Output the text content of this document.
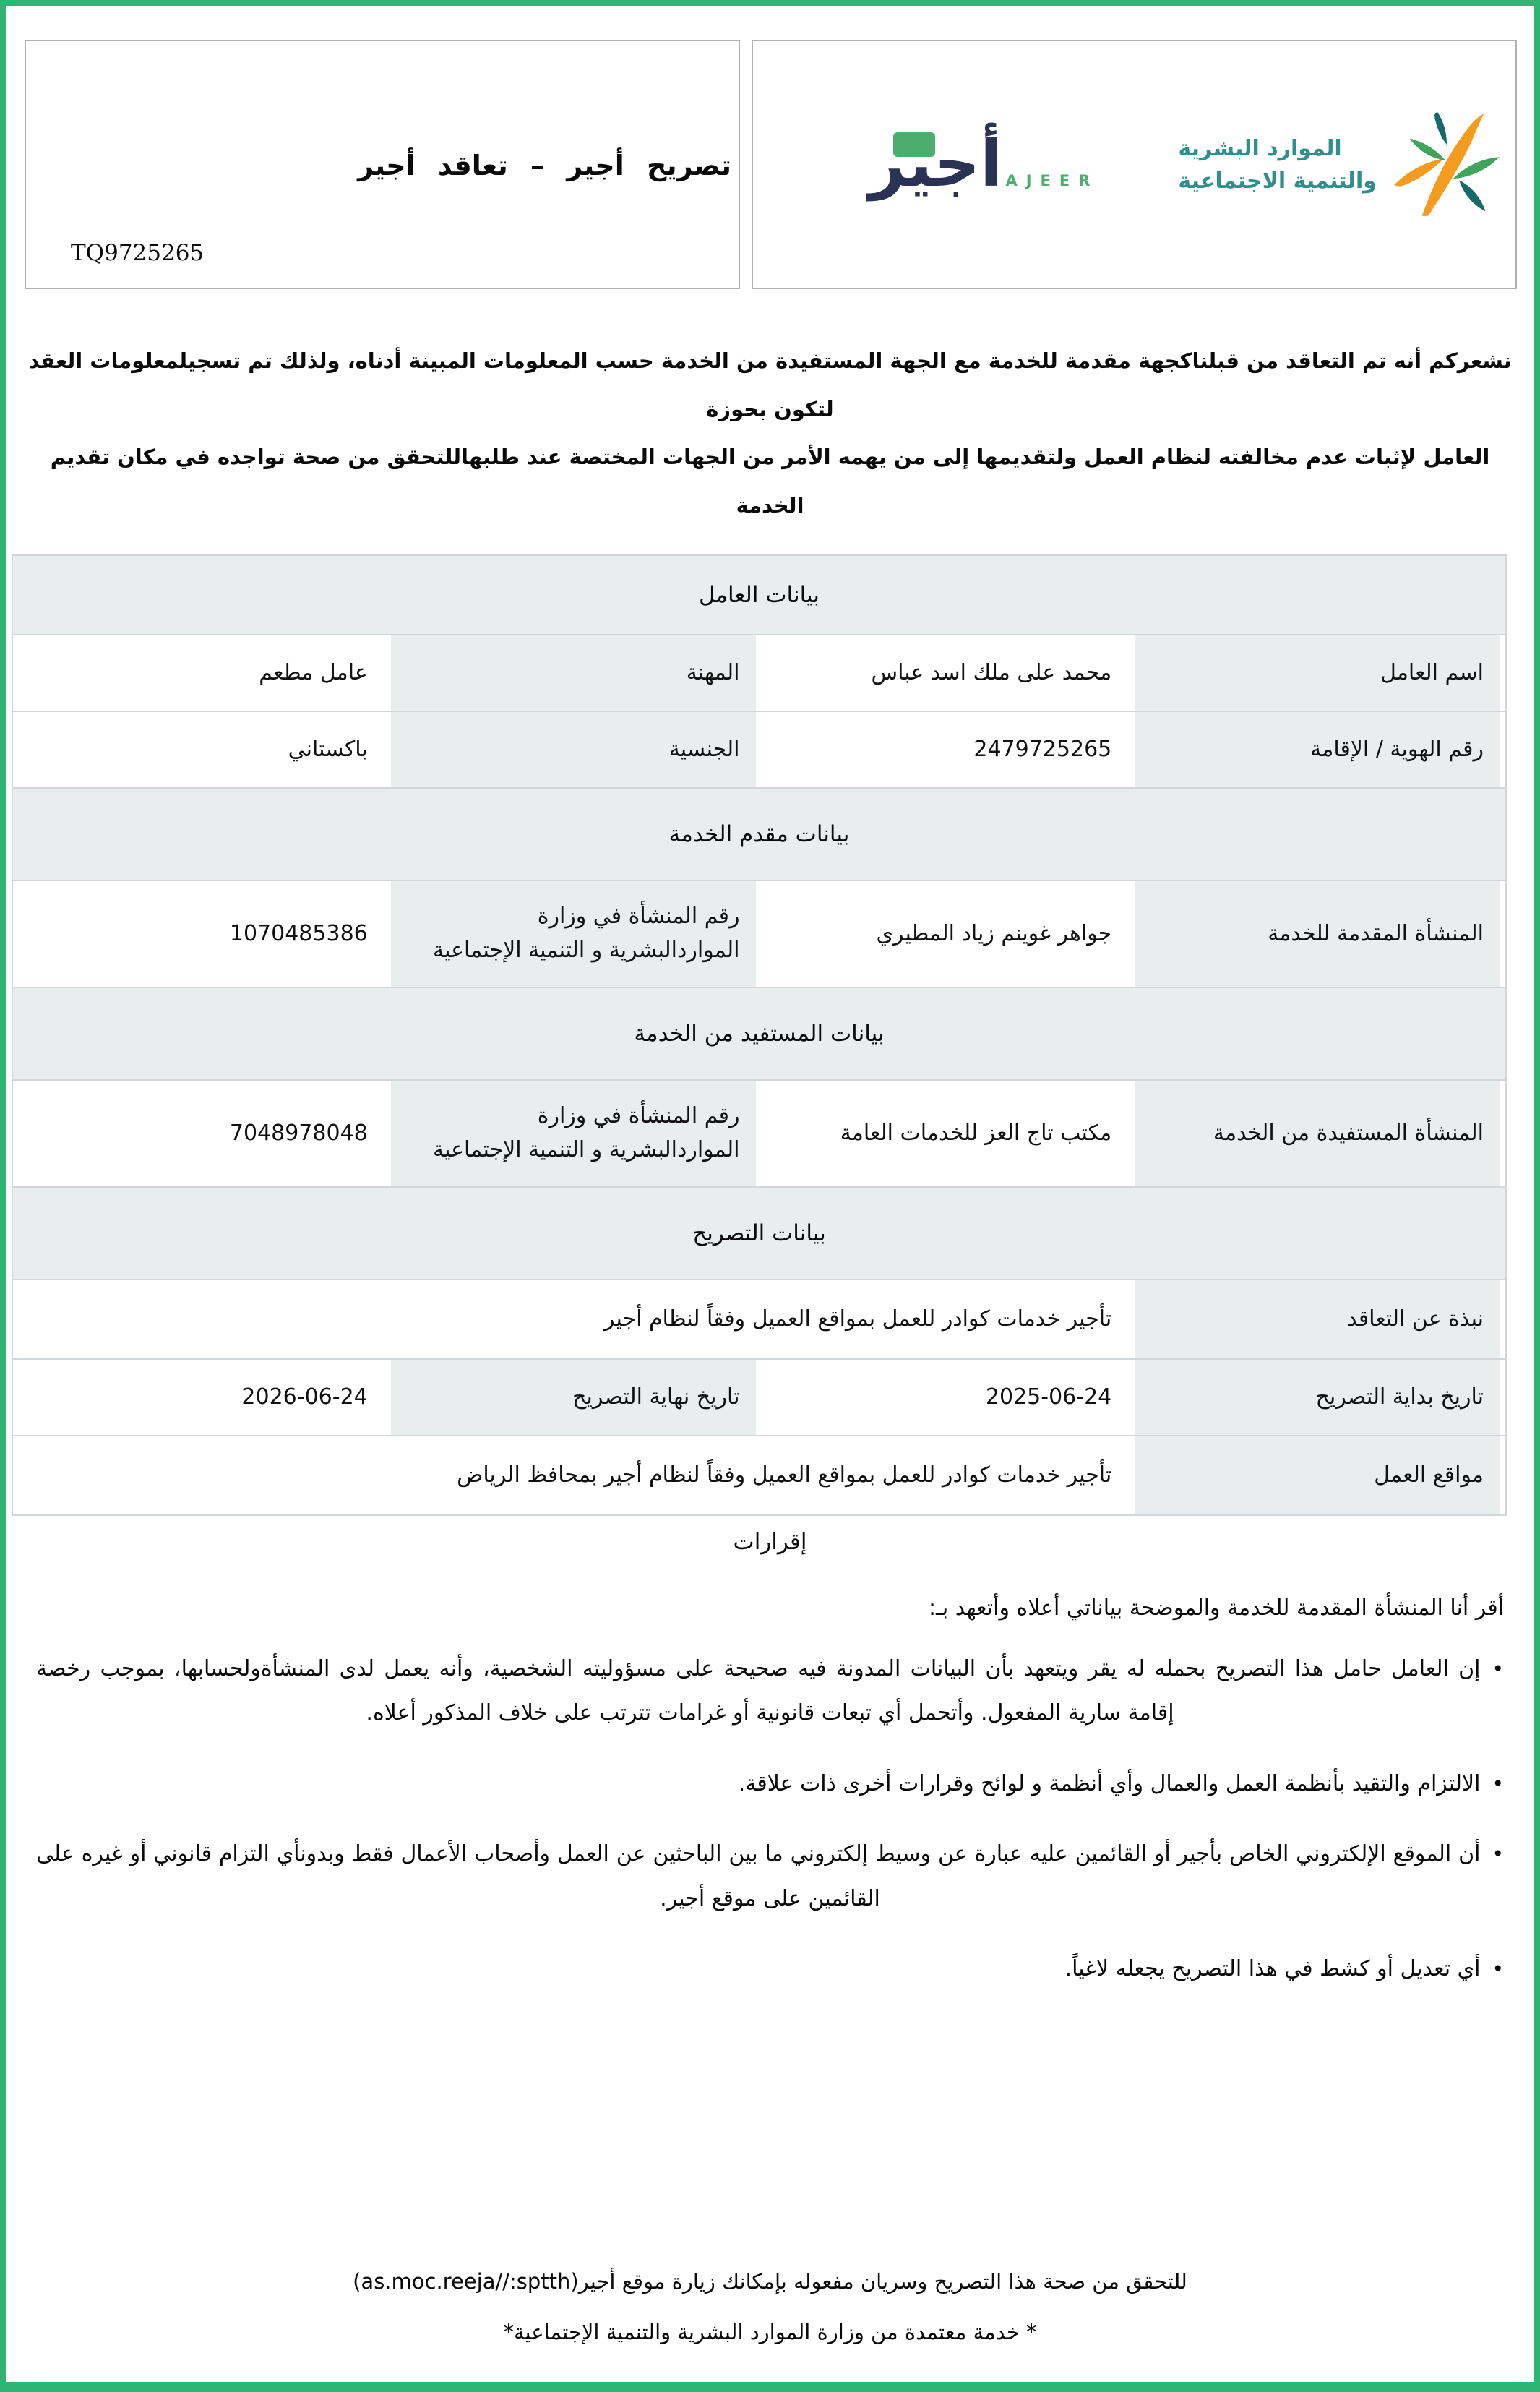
تصريح أجير – تعاقد أجير
TQ9725265
أجير AJEER
الموارد البشرية
والتنمية الاجتماعية
نشعركم أنه تم التعاقد من قبلناكجهة مقدمة للخدمة مع الجهة المستفيدة من الخدمة حسب المعلومات المبينة أدناه، ولذلك تم تسجيلمعلومات العقد لتكون بحوزة
العامل لإثبات عدم مخالفته لنظام العمل ولتقديمها إلى من يهمه الأمر من الجهات المختصة عند طلبهاللتحقق من صحة تواجده في مكان تقديم الخدمة
بيانات العامل
اسم العامل
محمد على ملك اسد عباس
المهنة
عامل مطعم
رقم الهوية / الإقامة
2479725265
الجنسية
باكستاني
بيانات مقدم الخدمة
المنشأة المقدمة للخدمة
جواهر غوينم زياد المطيري
رقم المنشأة في وزارة المواردالبشرية و التنمية الإجتماعية
1070485386
بيانات المستفيد من الخدمة
المنشأة المستفيدة من الخدمة
مكتب تاج العز للخدمات العامة
رقم المنشأة في وزارة المواردالبشرية و التنمية الإجتماعية
7048978048
بيانات التصريح
نبذة عن التعاقد
تأجير خدمات كوادر للعمل بمواقع العميل وفقاً لنظام أجير
تاريخ بداية التصريح
2025-06-24
تاريخ نهاية التصريح
2026-06-24
مواقع العمل
تأجير خدمات كوادر للعمل بمواقع العميل وفقاً لنظام أجير بمحافظ الرياض
إقرارات
أقر أنا المنشأة المقدمة للخدمة والموضحة بياناتي أعلاه وأتعهد بـ:
•إن العامل حامل هذا التصريح بحمله له يقر ويتعهد بأن البيانات المدونة فيه صحيحة على مسؤوليته الشخصية، وأنه يعمل لدى المنشأةولحسابها، بموجب رخصة
إقامة سارية المفعول. وأتحمل أي تبعات قانونية أو غرامات تترتب على خلاف المذكور أعلاه.
•الالتزام والتقيد بأنظمة العمل والعمال وأي أنظمة و لوائح وقرارات أخرى ذات علاقة.
•أن الموقع الإلكتروني الخاص بأجير أو القائمين عليه عبارة عن وسيط إلكتروني ما بين الباحثين عن العمل وأصحاب الأعمال فقط وبدونأي التزام قانوني أو غيره على
القائمين على موقع أجير.
•أي تعديل أو كشط في هذا التصريح يجعله لاغياً.
للتحقق من صحة هذا التصريح وسريان مفعوله بإمكانك زيارة موقع أجير(as.moc.reeja//:sptth)
* خدمة معتمدة من وزارة الموارد البشرية والتنمية الإجتماعية*
